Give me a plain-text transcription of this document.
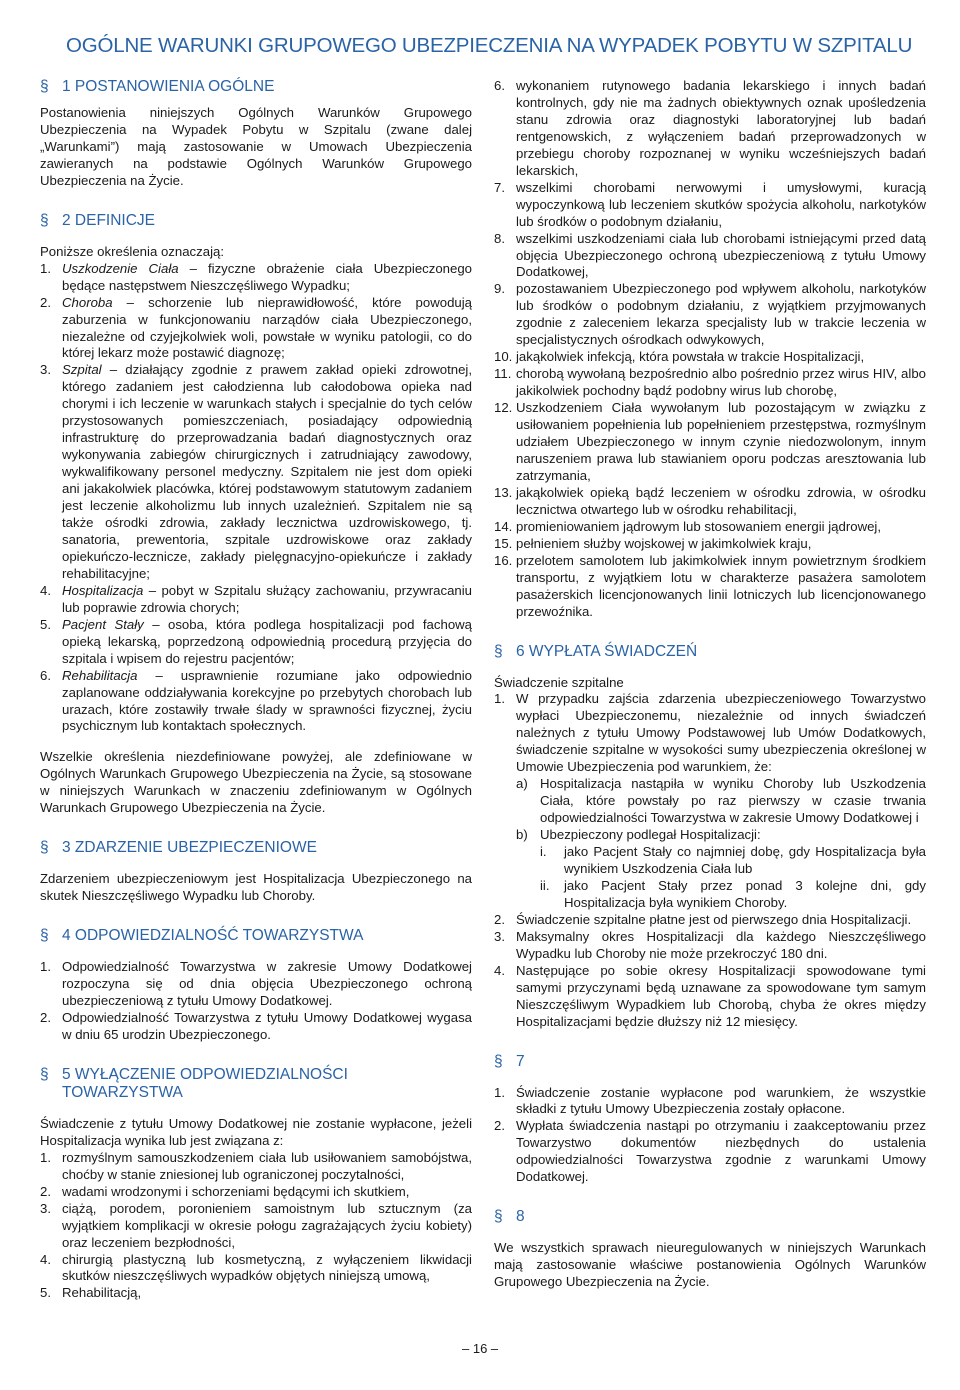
OGÓLNE WARUNKI GRUPOWEGO UBEZPIECZENIA NA WYPADEK POBYTU W SZPITALU
§ 1 POSTANOWIENIA OGÓLNE

Postanowienia niniejszych Ogólnych Warunków Grupowego Ubezpieczenia na Wypadek Pobytu w Szpitalu (zwane dalej „Warunkami”) mają zastosowanie w Umowach Ubezpieczenia zawieranych na podstawie Ogólnych Warunków Grupowego Ubezpieczenia na Życie.

§ 2 DEFINICJE

Poniższe określenia oznaczają:

1. Uszkodzenie Ciała – fizyczne obrażenie ciała Ubezpieczonego będące następstwem Nieszczęśliwego Wypadku;
2. Choroba – schorzenie lub nieprawidłowość, które powodują zaburzenia w funkcjonowaniu narządów ciała Ubezpieczonego, niezależne od czyjejkolwiek woli, powstałe w wyniku patologii, co do której lekarz może postawić diagnozę;
3. Szpital – działający zgodnie z prawem zakład opieki zdrowotnej, którego zadaniem jest całodzienna lub całodobowa opieka nad chorymi i ich leczenie w warunkach stałych i specjalnie do tych celów przystosowanych pomieszczeniach, posiadający odpowiednią infrastrukturę do przeprowadzania badań diagnostycznych oraz wykonywania zabiegów chirurgicznych i zatrudniający zawodowy, wykwalifikowany personel medyczny. Szpitalem nie jest dom opieki ani jakakolwiek placówka, której podstawowym statutowym zadaniem jest leczenie alkoholizmu lub innych uzależnień. Szpitalem nie są także ośrodki zdrowia, zakłady lecznictwa uzdrowiskowego, tj. sanatoria, prewentoria, szpitale uzdrowiskowe oraz zakłady opiekuńczo-lecznicze, zakłady pielęgnacyjno-opiekuńcze i zakłady rehabilitacyjne;
4. Hospitalizacja – pobyt w Szpitalu służący zachowaniu, przywracaniu lub poprawie zdrowia chorych;
5. Pacjent Stały – osoba, która podlega hospitalizacji pod fachową opieką lekarską, poprzedzoną odpowiednią procedurą przyjęcia do szpitala i wpisem do rejestru pacjentów;
6. Rehabilitacja – usprawnienie rozumiane jako odpowiednio zaplanowane oddziaływania korekcyjne po przebytych chorobach lub urazach, które zostawiły trwałe ślady w sprawności fizycznej, życiu psychicznym lub kontaktach społecznych.

Wszelkie określenia niezdefiniowane powyżej, ale zdefiniowane w Ogólnych Warunkach Grupowego Ubezpieczenia na Życie, są stosowane w niniejszych Warunkach w znaczeniu zdefiniowanym w Ogólnych Warunkach Grupowego Ubezpieczenia na Życie.

§ 3 ZDARZENIE UBEZPIECZENIOWE

Zdarzeniem ubezpieczeniowym jest Hospitalizacja Ubezpieczonego na skutek Nieszczęśliwego Wypadku lub Choroby.

§ 4 ODPOWIEDZIALNOŚĆ TOWARZYSTWA
1. Odpowiedzialność Towarzystwa w zakresie Umowy Dodatkowej rozpoczyna się od dnia objęcia Ubezpieczonego ochroną ubezpieczeniową z tytułu Umowy Dodatkowej.
2. Odpowiedzialność Towarzystwa z tytułu Umowy Dodatkowej wygasa w dniu 65 urodzin Ubezpieczonego.
§ 5 WYŁĄCZENIE ODPOWIEDZIALNOŚCI
TOWARZYSTWA

Świadczenie z tytułu Umowy Dodatkowej nie zostanie wypłacone, jeżeli Hospitalizacja wynika lub jest związana z:

1. rozmyślnym samouszkodzeniem ciała lub usiłowaniem samobójstwa, choćby w stanie zniesionej lub ograniczonej poczytalności,
2. wadami wrodzonymi i schorzeniami będącymi ich skutkiem,
3. ciążą, porodem, poronieniem samoistnym lub sztucznym (za wyjątkiem komplikacji w okresie połogu zagrażających życiu kobiety) oraz leczeniem bezpłodności,
4. chirurgią plastyczną lub kosmetyczną, z wyłączeniem likwidacji skutków nieszczęśliwych wypadków objętych niniejszą umową,
5. Rehabilitacją,
6. wykonaniem rutynowego badania lekarskiego i innych badań kontrolnych, gdy nie ma żadnych obiektywnych oznak upośledzenia stanu zdrowia oraz diagnostyki laboratoryjnej lub badań rentgenowskich, z wyłączeniem badań przeprowadzonych w przebiegu choroby rozpoznanej w wyniku wcześniejszych badań lekarskich,
7. wszelkimi chorobami nerwowymi i umysłowymi, kuracją wypoczynkową lub leczeniem skutków spożycia alkoholu, narkotyków lub środków o podobnym działaniu,
8. wszelkimi uszkodzeniami ciała lub chorobami istniejącymi przed datą objęcia Ubezpieczonego ochroną ubezpieczeniową z tytułu Umowy Dodatkowej,
9. pozostawaniem Ubezpieczonego pod wpływem alkoholu, narkotyków lub środków o podobnym działaniu, z wyjątkiem przyjmowanych zgodnie z zaleceniem lekarza specjalisty lub w trakcie leczenia w specjalistycznych ośrodkach odwykowych,
10. jakąkolwiek infekcją, która powstała w trakcie Hospitalizacji,
11. chorobą wywołaną bezpośrednio albo pośrednio przez wirus HIV, albo jakikolwiek pochodny bądź podobny wirus lub chorobę,
12. Uszkodzeniem Ciała wywołanym lub pozostającym w związku z usiłowaniem popełnienia lub popełnieniem przestępstwa, rozmyślnym udziałem Ubezpieczonego w innym czynie niedozwolonym, innym naruszeniem prawa lub stawianiem oporu podczas aresztowania lub zatrzymania,
13. jakąkolwiek opieką bądź leczeniem w ośrodku zdrowia, w ośrodku lecznictwa otwartego lub w ośrodku rehabilitacji,
14. promieniowaniem jądrowym lub stosowaniem energii jądrowej,
15. pełnieniem służby wojskowej w jakimkolwiek kraju,
16. przelotem samolotem lub jakimkolwiek innym powietrznym środkiem transportu, z wyjątkiem lotu w charakterze pasażera samolotem pasażerskich licencjonowanych linii lotniczych lub licencjonowanego przewoźnika.
§ 6 WYPŁATA ŚWIADCZEŃ

Świadczenie szpitalne

1. W przypadku zajścia zdarzenia ubezpieczeniowego Towarzystwo wypłaci Ubezpieczonemu, niezależnie od innych świadczeń należnych z tytułu Umowy Podstawowej lub Umów Dodatkowych, świadczenie szpitalne w wysokości sumy ubezpieczenia określonej w Umowie Ubezpieczenia pod warunkiem, że:
a) Hospitalizacja nastąpiła w wyniku Choroby lub Uszkodzenia Ciała, które powstały po raz pierwszy w czasie trwania odpowiedzialności Towarzystwa w zakresie Umowy Dodatkowej i
b) Ubezpieczony podlegał Hospitalizacji:
i. jako Pacjent Stały co najmniej dobę, gdy Hospitalizacja była wynikiem Uszkodzenia Ciała lub
ii. jako Pacjent Stały przez ponad 3 kolejne dni, gdy Hospitalizacja była wynikiem Choroby.
2. Świadczenie szpitalne płatne jest od pierwszego dnia Hospitalizacji.
3. Maksymalny okres Hospitalizacji dla każdego Nieszczęśliwego Wypadku lub Choroby nie może przekroczyć 180 dni.
4. Następujące po sobie okresy Hospitalizacji spowodowane tymi samymi przyczynami będą uznawane za spowodowane tym samym Nieszczęśliwym Wypadkiem lub Chorobą, chyba że okres między Hospitalizacjami będzie dłuższy niż 12 miesięcy.
§ 7
1. Świadczenie zostanie wypłacone pod warunkiem, że wszystkie składki z tytułu Umowy Ubezpieczenia zostały opłacone.
2. Wypłata świadczenia nastąpi po otrzymaniu i zaakceptowaniu przez Towarzystwo dokumentów niezbędnych do ustalenia odpowiedzialności Towarzystwa zgodnie z warunkami Umowy Dodatkowej.
§ 8

We wszystkich sprawach nieuregulowanych w niniejszych Warunkach mają zastosowanie właściwe postanowienia Ogólnych Warunków Grupowego Ubezpieczenia na Życie.

– 16 –
